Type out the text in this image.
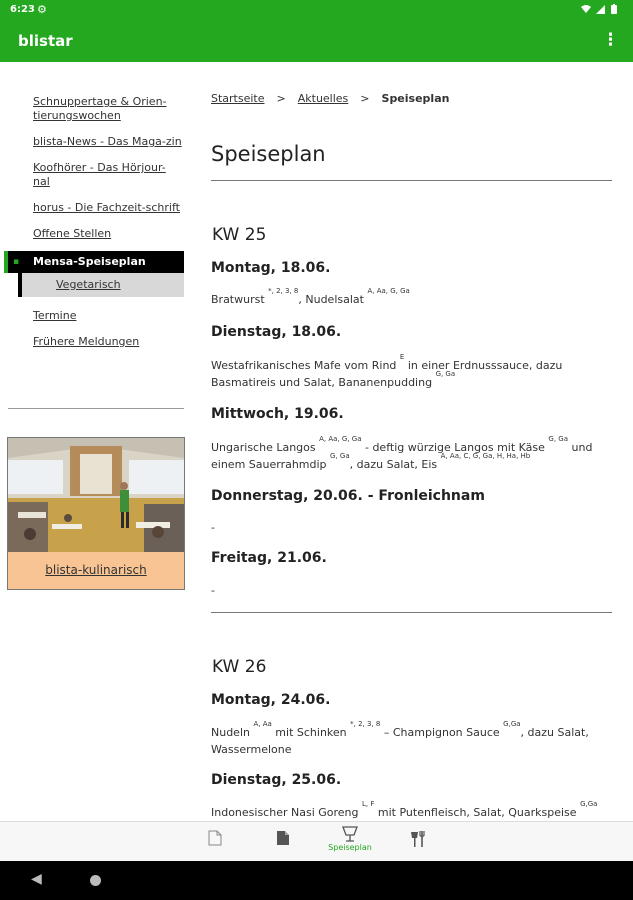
6:23 ⚙
blistar	⋮
Schnuppertage & Orien-tierungswochen
blista-News - Das Maga-zin
Koofhörer - Das Hörjour-nal
horus - Die Fachzeit-schrift
Offene Stellen
▪ Mensa-Speiseplan
Vegetarisch
Termine
Frühere Meldungen
blista-kulinarisch
Startseite > Aktuelles > Speiseplan
Speiseplan
KW 25
Montag, 18.06.
Bratwurst $^{*, 2, 3, 8}$, Nudelsalat $^{A, Aa, G, Ga}$
Dienstag, 18.06.
Westafrikanisches Mafe vom Rind $^E$ in einer Erdnusssauce, dazu Basmatireis und Salat, Bananenpudding $^{G, Ga}$
Mittwoch, 19.06.
Ungarische Langos $^{A, Aa, G, Ga}$ - deftig würzige Langos mit Käse $^{G, Ga}$ und einem Sauerrahmdip $^{G, Ga}$, dazu Salat, Eis $^{A, Aa, C, G, Ga, H, Ha, Hb}$
Donnerstag, 20.06. - Fronleichnam
-
Freitag, 21.06.
-
KW 26
Montag, 24.06.
Nudeln $^{A, Aa}$ mit Schinken $^{*, 2, 3, 8}$ – Champignon Sauce $^{G,Ga}$, dazu Salat, Wassermelone
Dienstag, 25.06.
Indonesischer Nasi Goreng $^{L, F}$ mit Putenfleisch, Salat, Quarkspeise $^{G,Ga}$
Speiseplan
◀
